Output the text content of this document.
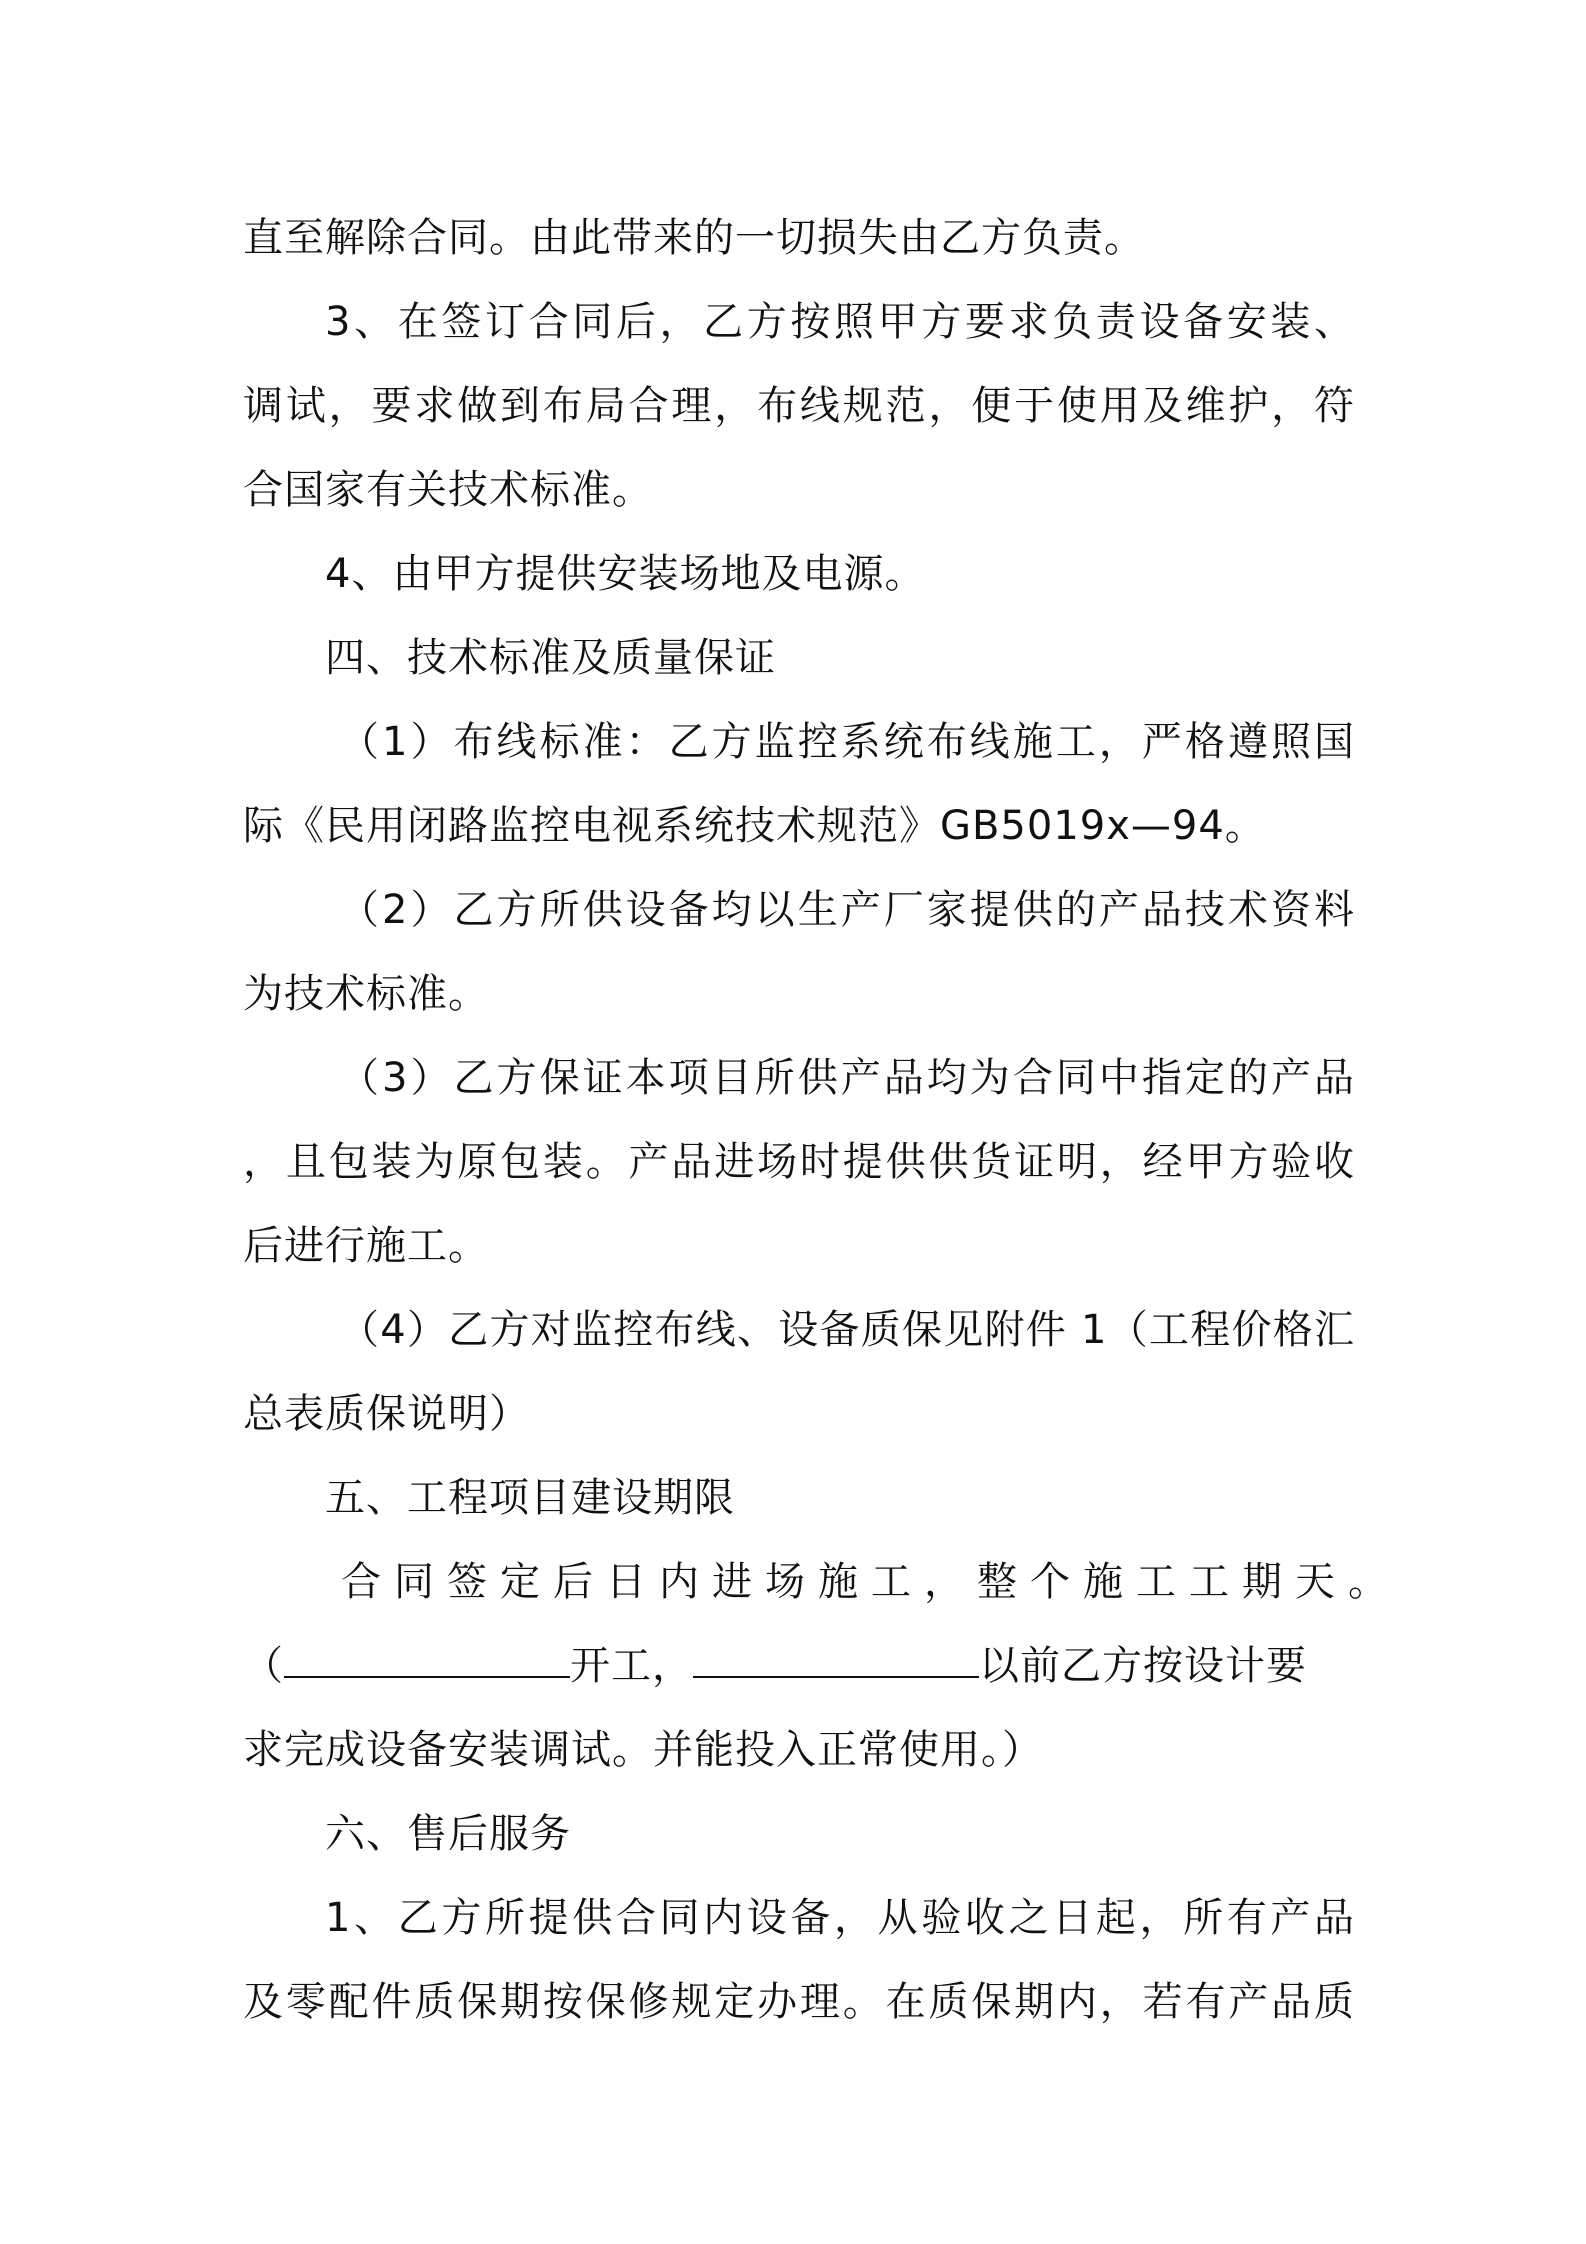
直至解除合同。由此带来的一切损失由乙方负责。
3、在签订合同后，乙方按照甲方要求负责设备安装、
调试，要求做到布局合理，布线规范，便于使用及维护，符
合国家有关技术标准。
4、由甲方提供安装场地及电源。
四、技术标准及质量保证
（1）布线标准：乙方监控系统布线施工，严格遵照国
际《民用闭路监控电视系统技术规范》GB5019x—94。
（2）乙方所供设备均以生产厂家提供的产品技术资料
为技术标准。
（3）乙方保证本项目所供产品均为合同中指定的产品
，且包装为原包装。产品进场时提供供货证明，经甲方验收
后进行施工。
（4）乙方对监控布线、设备质保见附件 1（工程价格汇
总表质保说明）
五、工程项目建设期限
合同签定后日内进场施工，整个施工工期天。
（	开工，	以前乙方按设计要
求完成设备安装调试。并能投入正常使用。）
六、售后服务
1、乙方所提供合同内设备，从验收之日起，所有产品
及零配件质保期按保修规定办理。在质保期内，若有产品质
